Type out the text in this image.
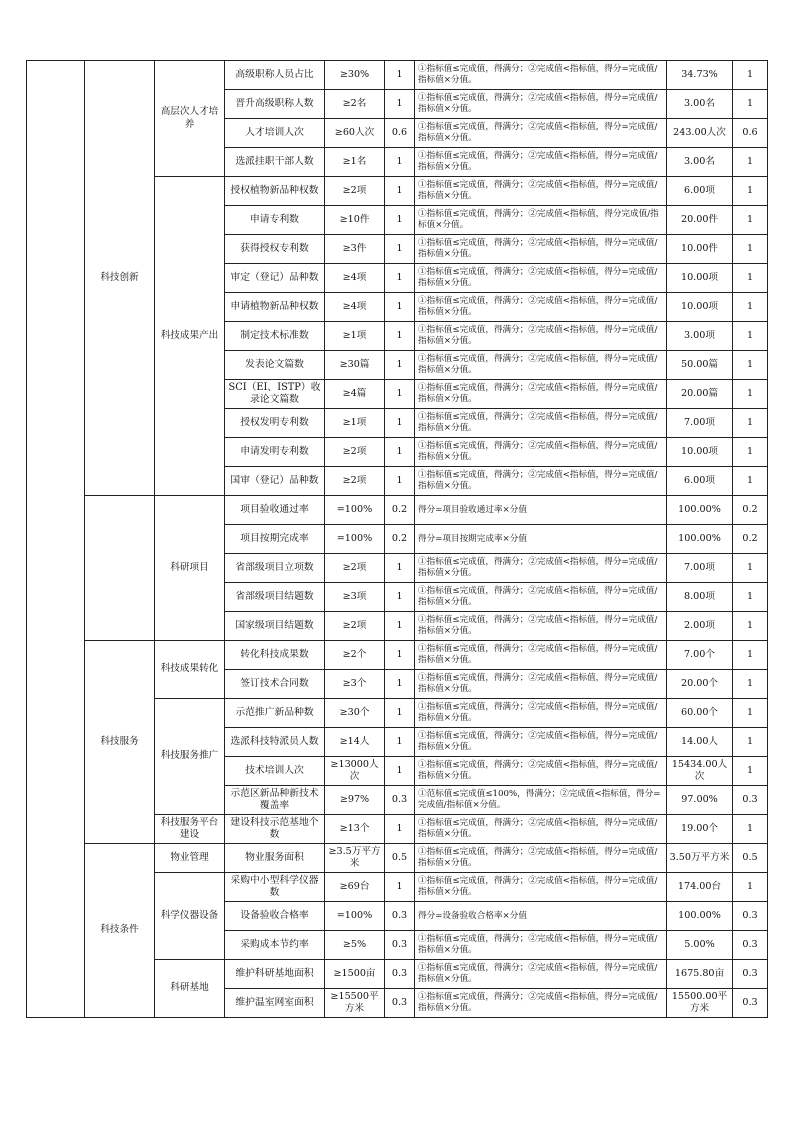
	科技创新	高层次人才培养	高级职称人员占比	≥30%	1	①指标值≤完成值，得满分；②完成值<指标值，得分=完成值/指标值×分值。	34.73%	1
			晋升高级职称人数	≥2名	1	①指标值≤完成值，得满分；②完成值<指标值，得分=完成值/指标值×分值。	3.00名	1
			人才培训人次	≥60人次	0.6	①指标值≤完成值，得满分；②完成值<指标值，得分=完成值/指标值×分值。	243.00人次	0.6
			选派挂职干部人数	≥1名	1	①指标值≤完成值，得满分；②完成值<指标值，得分=完成值/指标值×分值。	3.00名	1
		科技成果产出	授权植物新品种权数	≥2项	1	①指标值≤完成值，得满分；②完成值<指标值，得分=完成值/指标值×分值。	6.00项	1
			申请专利数	≥10件	1	①指标值≤完成值，得满分；②完成值<指标值，得分完成值/指标值×分值。	20.00件	1
			获得授权专利数	≥3件	1	①指标值≤完成值，得满分；②完成值<指标值，得分=完成值/指标值×分值。	10.00件	1
			审定（登记）品种数	≥4项	1	①指标值≤完成值，得满分；②完成值<指标值，得分=完成值/指标值×分值。	10.00项	1
			申请植物新品种权数	≥4项	1	①指标值≤完成值，得满分；②完成值<指标值，得分=完成值/指标值×分值。	10.00项	1
			制定技术标准数	≥1项	1	①指标值≤完成值，得满分；②完成值<指标值，得分=完成值/指标值×分值。	3.00项	1
			发表论文篇数	≥30篇	1	①指标值≤完成值，得满分；②完成值<指标值，得分=完成值/指标值×分值。	50.00篇	1
			SCI（EI、ISTP）收录论文篇数	≥4篇	1	①指标值≤完成值，得满分；②完成值<指标值，得分=完成值/指标值×分值。	20.00篇	1
			授权发明专利数	≥1项	1	①指标值≤完成值，得满分；②完成值<指标值，得分=完成值/指标值×分值。	7.00项	1
			申请发明专利数	≥2项	1	①指标值≤完成值，得满分；②完成值<指标值，得分=完成值/指标值×分值。	10.00项	1
			国审（登记）品种数	≥2项	1	①指标值≤完成值，得满分；②完成值<指标值，得分=完成值/指标值×分值。	6.00项	1
		科研项目	项目验收通过率	=100%	0.2	得分=项目验收通过率×分值	100.00%	0.2
			项目按期完成率	=100%	0.2	得分=项目按期完成率×分值	100.00%	0.2
			省部级项目立项数	≥2项	1	①指标值≤完成值，得满分；②完成值<指标值，得分=完成值/指标值×分值。	7.00项	1
			省部级项目结题数	≥3项	1	①指标值≤完成值，得满分；②完成值<指标值，得分=完成值/指标值×分值。	8.00项	1
			国家级项目结题数	≥2项	1	①指标值≤完成值，得满分；②完成值<指标值，得分=完成值/指标值×分值。	2.00项	1
	科技服务	科技成果转化	转化科技成果数	≥2个	1	①指标值≤完成值，得满分；②完成值<指标值，得分=完成值/指标值×分值。	7.00个	1
			签订技术合同数	≥3个	1	①指标值≤完成值，得满分；②完成值<指标值，得分=完成值/指标值×分值。	20.00个	1
		科技服务推广	示范推广新品种数	≥30个	1	①指标值≤完成值，得满分；②完成值<指标值，得分=完成值/指标值×分值。	60.00个	1
			选派科技特派员人数	≥14人	1	①指标值≤完成值，得满分；②完成值<指标值，得分=完成值/指标值×分值。	14.00人	1
			技术培训人次	≥13000人次	1	①指标值≤完成值，得满分；②完成值<指标值，得分=完成值/指标值×分值。	15434.00人次	1
			示范区新品种新技术覆盖率	≥97%	0.3	①范标值≤完成值≤100%，得满分；②完成值<指标值，得分=完成值/指标值×分值。	97.00%	0.3
		科技服务平台建设	建设科技示范基地个数	≥13个	1	①指标值≤完成值，得满分；②完成值<指标值，得分=完成值/指标值×分值。	19.00个	1
	科技条件	物业管理	物业服务面积	≥3.5万平方米	0.5	①指标值≤完成值，得满分；②完成值<指标值，得分=完成值/指标值×分值。	3.50万平方米	0.5
		科学仪器设备	采购中小型科学仪器数	≥69台	1	①指标值≤完成值，得满分；②完成值<指标值，得分=完成值/指标值×分值。	174.00台	1
			设备验收合格率	=100%	0.3	得分=设备验收合格率×分值	100.00%	0.3
			采购成本节约率	≥5%	0.3	①指标值≤完成值，得满分；②完成值<指标值，得分=完成值/指标值×分值。	5.00%	0.3
		科研基地	维护科研基地面积	≥1500亩	0.3	①指标值≤完成值，得满分；②完成值<指标值，得分=完成值/指标值×分值。	1675.80亩	0.3
			维护温室网室面积	≥15500平方米	0.3	①指标值≤完成值，得满分；②完成值<指标值，得分=完成值/指标值×分值。	15500.00平方米	0.3
